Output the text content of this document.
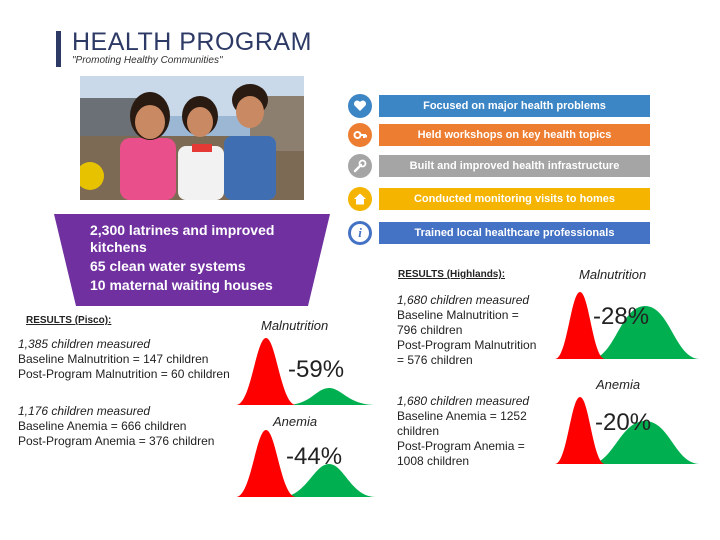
HEALTH PROGRAM
"Promoting Healthy Communities"
Focused on major health problems
Held workshops on key health topics
Built and improved health infrastructure
Conducted monitoring visits to homes
i	Trained local healthcare professionals
2,300 latrines and improved
kitchens
65 clean water systems
10 maternal waiting houses
RESULTS (Pisco):
1,385 children measured
Baseline Malnutrition = 147 children
Post-Program Malnutrition = 60 children
1,176 children measured
Baseline Anemia = 666 children
Post-Program Anemia = 376 children
Malnutrition
-59%
Anemia
-44%
RESULTS (Highlands):
1,680 children measured
Baseline Malnutrition =
796 children
Post-Program Malnutrition
= 576 children
1,680 children measured
Baseline Anemia = 1252
children
Post-Program Anemia =
1008 children
Malnutrition
-28%
Anemia
-20%
